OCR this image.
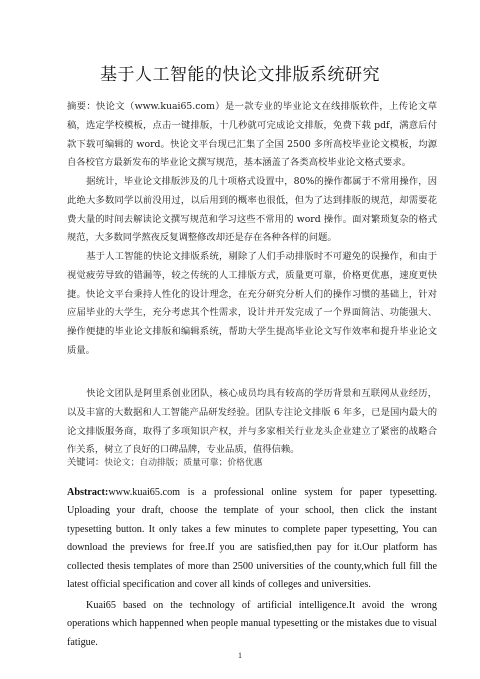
基于人工智能的快论文排版系统研究
摘要：快论文（www.kuai65.com）是一款专业的毕业论文在线排版软件，上传论文草稿，选定学校模板，点击一键排版，十几秒就可完成论文排版，免费下载 pdf，满意后付款下载可编辑的 word。快论文平台现已汇集了全国 2500 多所高校毕业论文模板，均源自各校官方最新发布的毕业论文撰写规范，基本涵盖了各类高校毕业论文格式要求。
据统计，毕业论文排版涉及的几十项格式设置中，80%的操作都属于不常用操作，因此绝大多数同学以前没用过，以后用到的概率也很低，但为了达到排版的规范，却需要花费大量的时间去解读论文撰写规范和学习这些不常用的 word 操作。面对繁琐复杂的格式规范，大多数同学熬夜反复调整修改却还是存在各种各样的问题。
基于人工智能的快论文排版系统，剔除了人们手动排版时不可避免的误操作，和由于视觉疲劳导致的错漏等，较之传统的人工排版方式，质量更可靠，价格更优惠，速度更快捷。快论文平台秉持人性化的设计理念，在充分研究分析人们的操作习惯的基础上，针对应届毕业的大学生，充分考虑其个性需求，设计并开发完成了一个界面简洁、功能强大、操作便捷的毕业论文排版和编辑系统，帮助大学生提高毕业论文写作效率和提升毕业论文质量。
快论文团队是阿里系创业团队，核心成员均具有较高的学历背景和互联网从业经历，以及丰富的大数据和人工智能产品研发经验。团队专注论文排版 6 年多，已是国内最大的论文排版服务商，取得了多项知识产权，并与多家相关行业龙头企业建立了紧密的战略合作关系，树立了良好的口碑品牌，专业品质，值得信赖。
关键词：快论文；自动排版；质量可靠；价格优惠
Abstract:www.kuai65.com is a professional online system for paper typesetting. Uploading your draft, choose the template of your school, then click the instant typesetting button. It only takes a few minutes to complete paper typesetting, You can download the previews for free.If you are satisfied,then pay for it.Our platform has collected thesis templates of more than 2500 universities of the county,which full fill the latest official specification and cover all kinds of colleges and universities.
Kuai65 based on the technology of artificial intelligence.It avoid the wrong operations which happenned when people manual typesetting or the mistakes due to visual fatigue.
1
